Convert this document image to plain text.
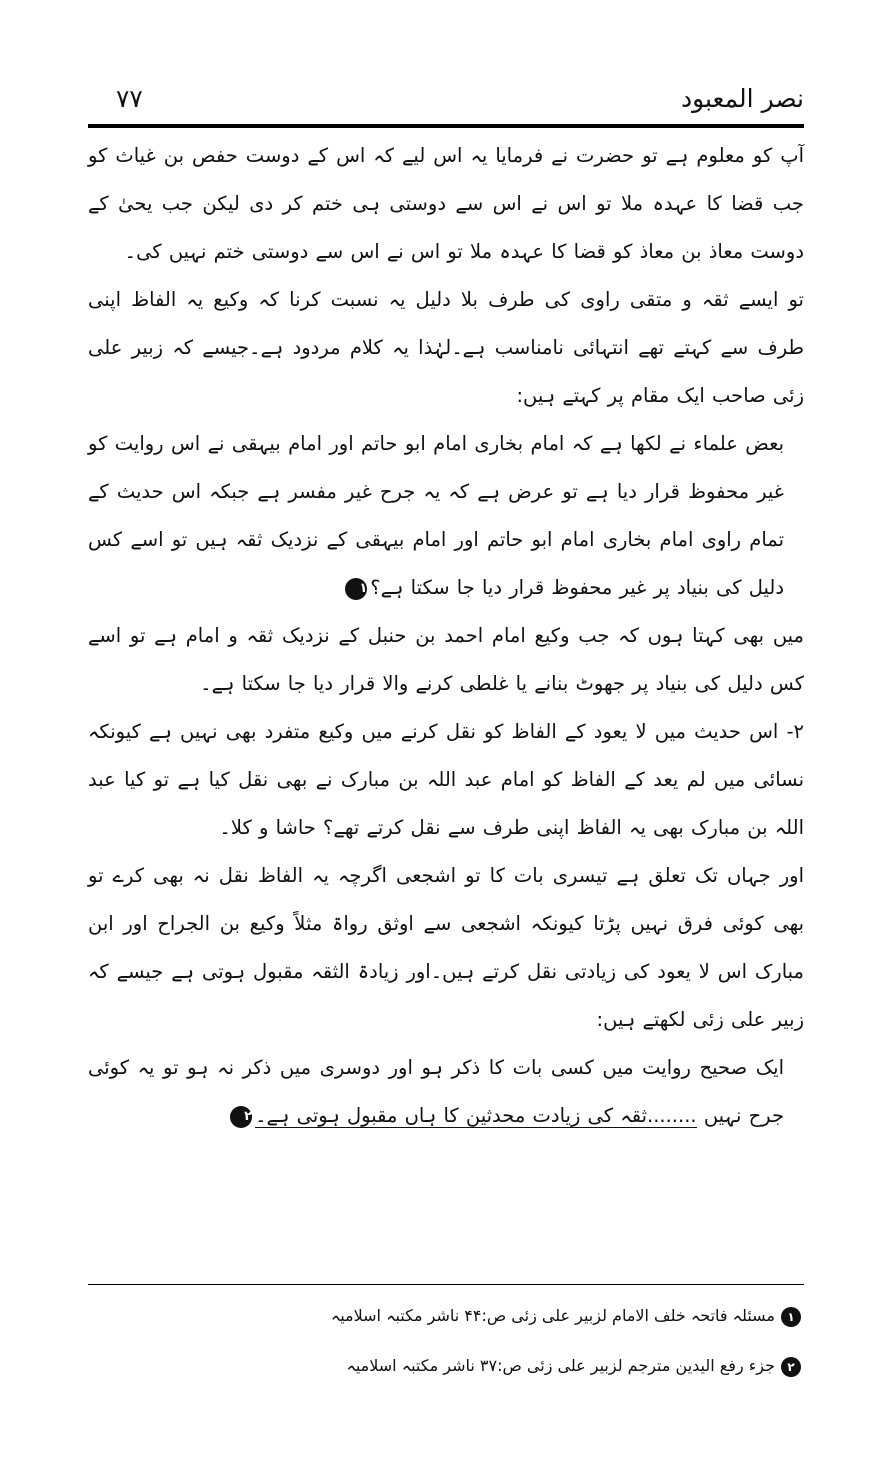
نصر المعبود
۷۷

آپ کو معلوم ہے تو حضرت نے فرمایا یہ اس لیے کہ اس کے دوست حفص بن غیاث کو جب قضا کا عہدہ ملا تو اس نے اس سے دوستی ہی ختم کر دی لیکن جب یحیٰ کے دوست معاذ بن معاذ کو قضا کا عہدہ ملا تو اس نے اس سے دوستی ختم نہیں کی۔

تو ایسے ثقہ و متقی راوی کی طرف بلا دلیل یہ نسبت کرنا کہ وکیع یہ الفاظ اپنی طرف سے کہتے تھے انتہائی نامناسب ہے۔لہٰذا یہ کلام مردود ہے۔جیسے کہ زبیر علی زئی صاحب ایک مقام پر کہتے ہیں:

بعض علماء نے لکھا ہے کہ امام بخاری امام ابو حاتم اور امام بیہقی نے اس روایت کو غیر محفوظ قرار دیا ہے تو عرض ہے کہ یہ جرح غیر مفسر ہے جبکہ اس حدیث کے تمام راوی امام بخاری امام ابو حاتم اور امام بیہقی کے نزدیک ثقہ ہیں تو اسے کس دلیل کی بنیاد پر غیر محفوظ قرار دیا جا سکتا ہے؟١

میں بھی کہتا ہوں کہ جب وکیع امام احمد بن حنبل کے نزدیک ثقہ و امام ہے تو اسے کس دلیل کی بنیاد پر جھوٹ بنانے یا غلطی کرنے والا قرار دیا جا سکتا ہے۔

۲- اس حدیث میں لا یعود کے الفاظ کو نقل کرنے میں وکیع متفرد بھی نہیں ہے کیونکہ نسائی میں لم یعد کے الفاظ کو امام عبد اللہ بن مبارک نے بھی نقل کیا ہے تو کیا عبد اللہ بن مبارک بھی یہ الفاظ اپنی طرف سے نقل کرتے تھے؟ حاشا و کلا۔

اور جہاں تک تعلق ہے تیسری بات کا تو اشجعی اگرچہ یہ الفاظ نقل نہ بھی کرے تو بھی کوئی فرق نہیں پڑتا کیونکہ اشجعی سے اوثق رواۃ مثلاً وکیع بن الجراح اور ابن مبارک اس لا یعود کی زیادتی نقل کرتے ہیں۔اور زیادۃ الثقہ مقبول ہوتی ہے جیسے کہ زبیر علی زئی لکھتے ہیں:

ایک صحیح روایت میں کسی بات کا ذکر ہو اور دوسری میں ذکر نہ ہو تو یہ کوئی جرح نہیں ........ثقہ کی زیادت محدثین کا ہاں مقبول ہوتی ہے۔٢

١مسئلہ فاتحہ خلف الامام لزبیر علی زئی ص:۴۴ ناشر مکتبہ اسلامیہ
٢جزء رفع الیدین مترجم لزبیر علی زئی ص:۳۷ ناشر مکتبہ اسلامیہ
